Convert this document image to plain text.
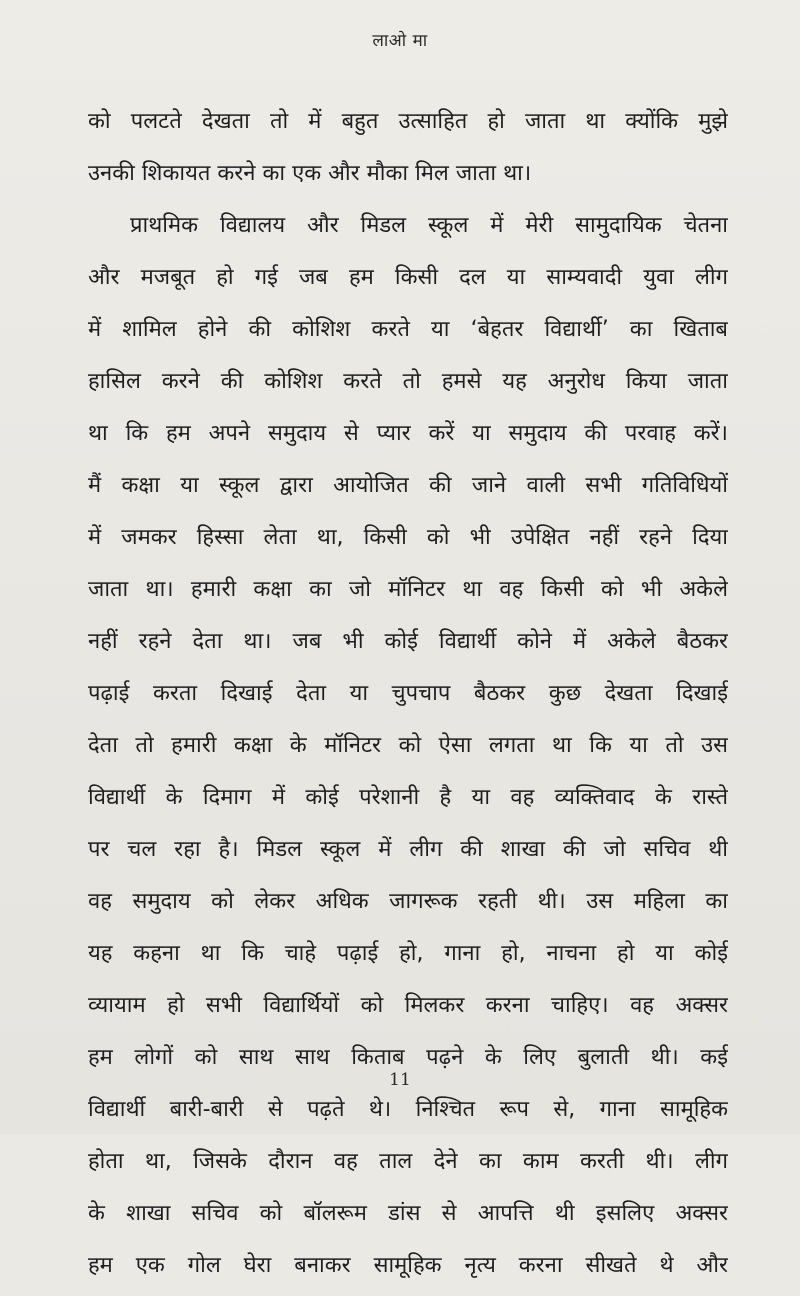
लाओ मा
को पलटते देखता तो में बहुत उत्साहित हो जाता था क्योंकि मुझे
उनकी शिकायत करने का एक और मौका मिल जाता था।
प्राथमिक विद्यालय और मिडल स्कूल में मेरी सामुदायिक चेतना
और मजबूत हो गई जब हम किसी दल या साम्यवादी युवा लीग
में शामिल होने की कोशिश करते या ‘बेहतर विद्यार्थी’ का खिताब
हासिल करने की कोशिश करते तो हमसे यह अनुरोध किया जाता
था कि हम अपने समुदाय से प्यार करें या समुदाय की परवाह करें।
मैं कक्षा या स्कूल द्वारा आयोजित की जाने वाली सभी गतिविधियों
में जमकर हिस्सा लेता था, किसी को भी उपेक्षित नहीं रहने दिया
जाता था। हमारी कक्षा का जो मॉनिटर था वह किसी को भी अकेले
नहीं रहने देता था। जब भी कोई विद्यार्थी कोने में अकेले बैठकर
पढ़ाई करता दिखाई देता या चुपचाप बैठकर कुछ देखता दिखाई
देता तो हमारी कक्षा के मॉनिटर को ऐसा लगता था कि या तो उस
विद्यार्थी के दिमाग में कोई परेशानी है या वह व्यक्तिवाद के रास्ते
पर चल रहा है। मिडल स्कूल में लीग की शाखा की जो सचिव थी
वह समुदाय को लेकर अधिक जागरूक रहती थी। उस महिला का
यह कहना था कि चाहे पढ़ाई हो, गाना हो, नाचना हो या कोई
व्यायाम हो सभी विद्यार्थियों को मिलकर करना चाहिए। वह अक्सर
हम लोगों को साथ साथ किताब पढ़ने के लिए बुलाती थी। कई
विद्यार्थी बारी-बारी से पढ़ते थे। निश्चित रूप से, गाना सामूहिक
होता था, जिसके दौरान वह ताल देने का काम करती थी। लीग
के शाखा सचिव को बॉलरूम डांस से आपत्ति थी इसलिए अक्सर
हम एक गोल घेरा बनाकर सामूहिक नृत्य करना सीखते थे और
11
